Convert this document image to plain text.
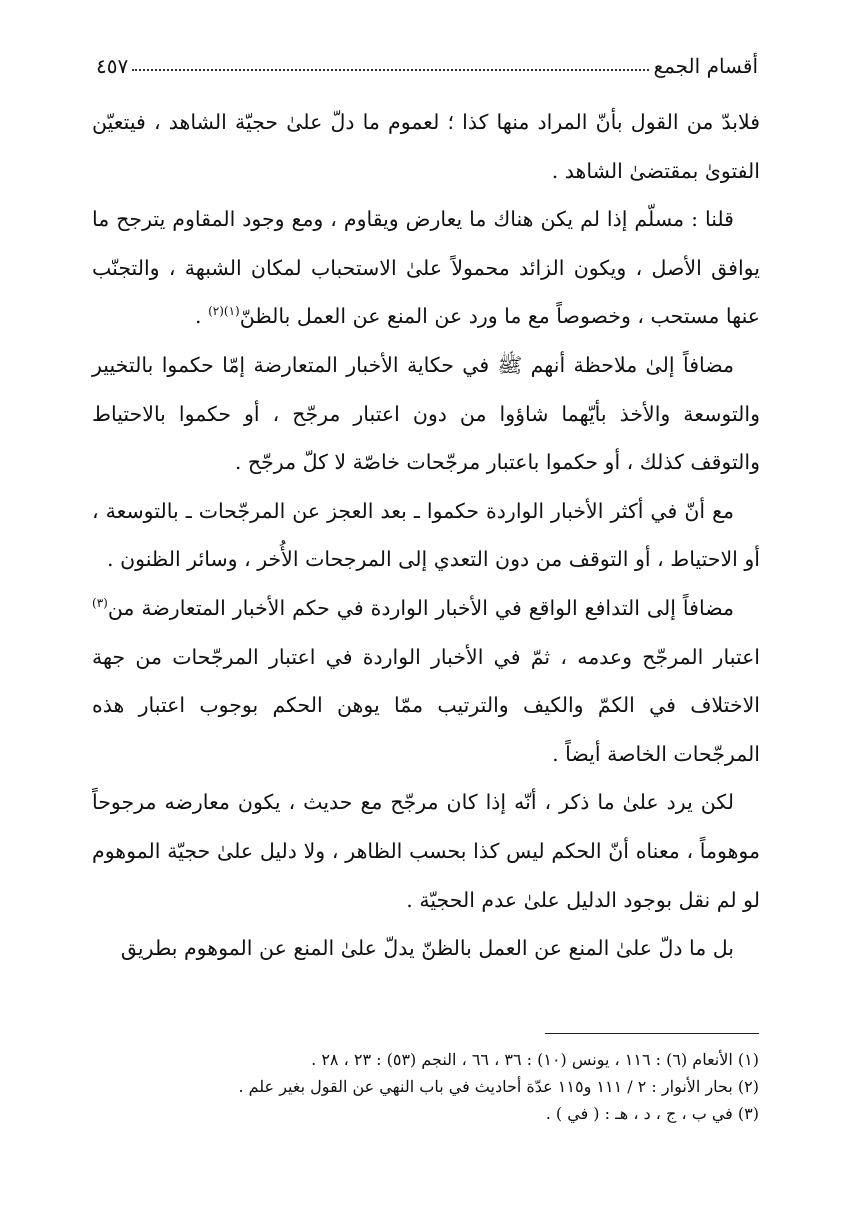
أقسام الجمع
٤٥٧

فلابدّ من القول بأنّ المراد منها كذا ؛ لعموم ما دلّ علىٰ حجيّة الشاهد ، فيتعيّن الفتوىٰ بمقتضىٰ الشاهد .

قلنا : مسلّم إذا لم يكن هناك ما يعارض ويقاوم ، ومع وجود المقاوم يترجح ما يوافق الأصل ، ويكون الزائد محمولاً علىٰ الاستحباب لمكان الشبهة ، والتجنّب عنها مستحب ، وخصوصاً مع ما ورد عن المنع عن العمل بالظنّ$^{(١)(٢)}$ .

مضافاً إلىٰ ملاحظة أنهم ﷺ في حكاية الأخبار المتعارضة إمّا حكموا بالتخيير والتوسعة والأخذ بأيّهما شاؤوا من دون اعتبار مرجّح ، أو حكموا بالاحتياط والتوقف كذلك ، أو حكموا باعتبار مرجّحات خاصّة لا كلّ مرجّح .

مع أنّ في أكثر الأخبار الواردة حكموا ـ بعد العجز عن المرجّحات ـ بالتوسعة ، أو الاحتياط ، أو التوقف من دون التعدي إلى المرجحات الأُخر ، وسائر الظنون .

مضافاً إلى التدافع الواقع في الأخبار الواردة في حكم الأخبار المتعارضة من$^{(٣)}$ اعتبار المرجّح وعدمه ، ثمّ في الأخبار الواردة في اعتبار المرجّحات من جهة الاختلاف في الكمّ والكيف والترتيب ممّا يوهن الحكم بوجوب اعتبار هذه المرجّحات الخاصة أيضاً .

لكن يرد علىٰ ما ذكر ، أنّه إذا كان مرجّح مع حديث ، يكون معارضه مرجوحاً موهوماً ، معناه أنّ الحكم ليس كذا بحسب الظاهر ، ولا دليل علىٰ حجيّة الموهوم لو لم نقل بوجود الدليل علىٰ عدم الحجيّة .

بل ما دلّ علىٰ المنع عن العمل بالظنّ يدلّ علىٰ المنع عن الموهوم بطريق

(١) الأنعام (٦) : ١١٦ ، يونس (١٠) : ٣٦ ، ٦٦ ، النجم (٥٣) : ٢٣ ، ٢٨ .
(٢) بحار الأنوار : ٢ / ١١١ و١١٥ عدّة أحاديث في باب النهي عن القول بغير علم .
(٣) في ب ، ج ، د ، هـ : ( في ) .
